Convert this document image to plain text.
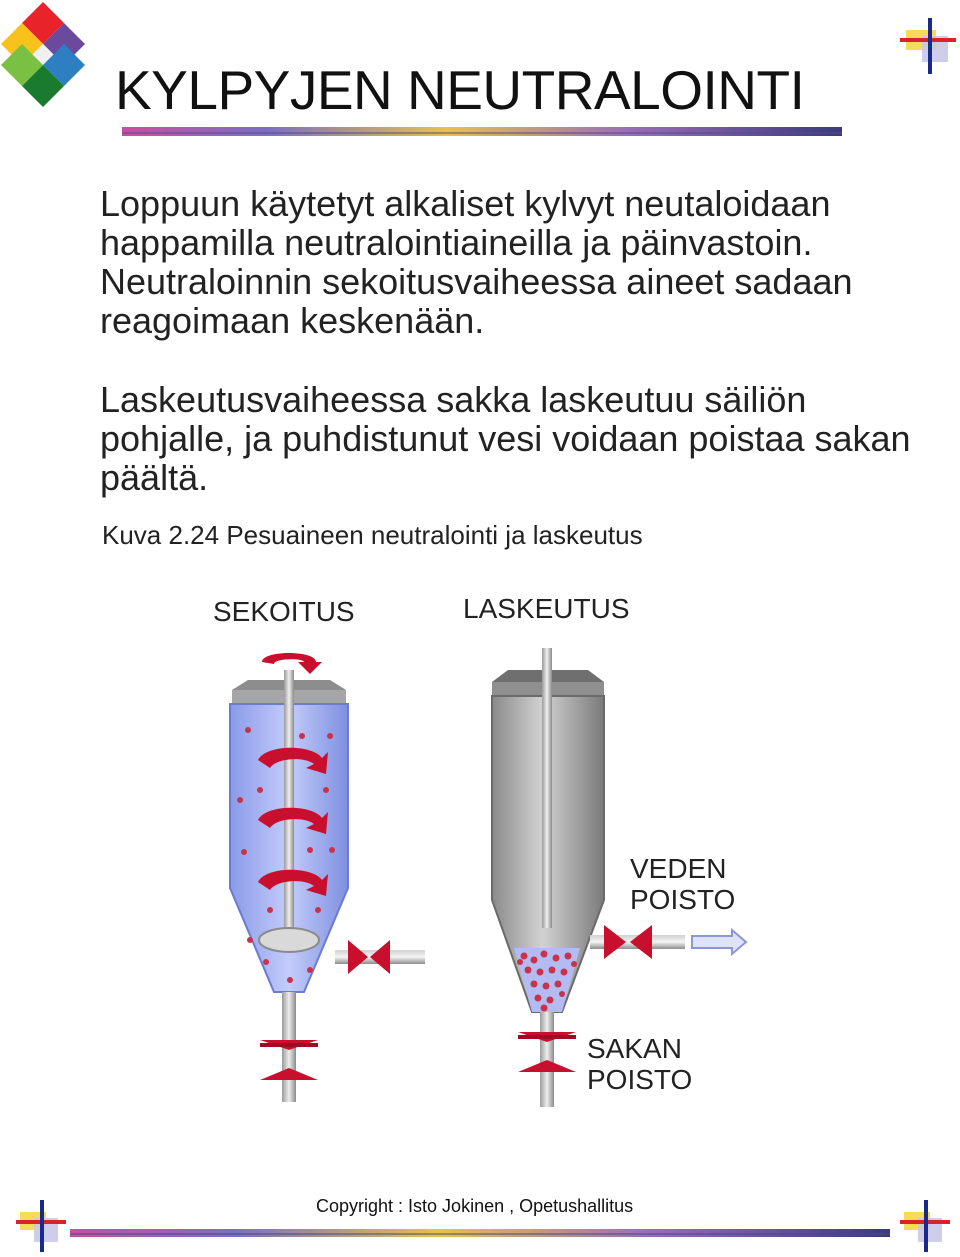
KYLPYJEN NEUTRALOINTI
Loppuun käytetyt alkaliset kylvyt neutaloidaan happamilla neutralointiaineilla ja päinvastoin. Neutraloinnin sekoitusvaiheessa aineet sadaan reagoimaan keskenään.
Laskeutusvaiheessa sakka laskeutuu säiliön pohjalle, ja puhdistunut vesi voidaan poistaa sakan päältä.
Kuva 2.24 Pesuaineen neutralointi ja laskeutus
SEKOITUS	LASKEUTUS
VEDEN
POISTO
SAKAN
POISTO
Copyright : Isto Jokinen , Opetushallitus
